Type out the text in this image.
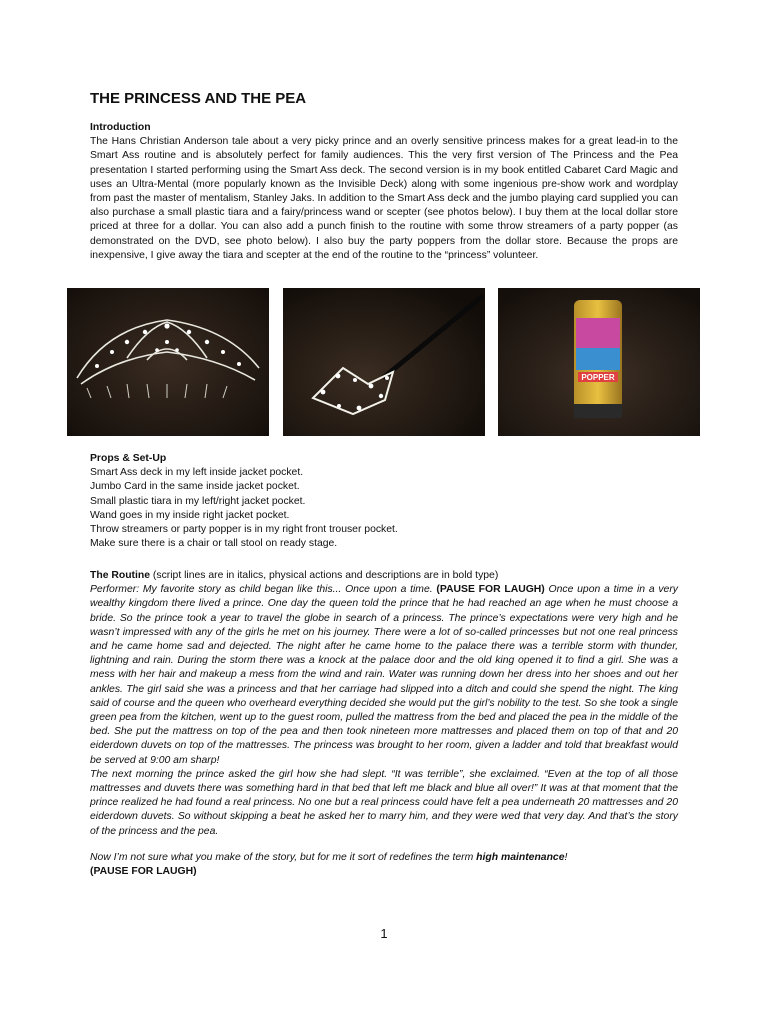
THE PRINCESS AND THE PEA
Introduction
The Hans Christian Anderson tale about a very picky prince and an overly sensitive princess makes for a great lead-in to the Smart Ass routine and is absolutely perfect for family audiences. This the very first version of The Princess and the Pea presentation I started performing using the Smart Ass deck. The second version is in my book entitled Cabaret Card Magic and uses an Ultra-Mental (more popularly known as the Invisible Deck) along with some ingenious pre-show work and wordplay from past the master of mentalism, Stanley Jaks. In addition to the Smart Ass deck and the jumbo playing card supplied you can also purchase a small plastic tiara and a fairy/princess wand or scepter (see photos below). I buy them at the local dollar store priced at three for a dollar. You can also add a punch finish to the routine with some throw streamers of a party popper (as demonstrated on the DVD, see photo below). I also buy the party poppers from the dollar store. Because the props are inexpensive, I give away the tiara and scepter at the end of the routine to the “princess” volunteer.
POPPER
Props & Set-Up
Smart Ass deck in my left inside jacket pocket.
Jumbo Card in the same inside jacket pocket.
Small plastic tiara in my left/right jacket pocket.
Wand goes in my inside right jacket pocket.
Throw streamers or party popper is in my right front trouser pocket.
Make sure there is a chair or tall stool on ready stage.
The Routine (script lines are in italics, physical actions and descriptions are in bold type)
Performer: My favorite story as child began like this... Once upon a time. (PAUSE FOR LAUGH) Once upon a time in a very wealthy kingdom there lived a prince. One day the queen told the prince that he had reached an age when he must choose a bride. So the prince took a year to travel the globe in search of a princess. The prince’s expectations were very high and he wasn’t impressed with any of the girls he met on his journey. There were a lot of so-called princesses but not one real princess and he came home sad and dejected. The night after he came home to the palace there was a terrible storm with thunder, lightning and rain. During the storm there was a knock at the palace door and the old king opened it to find a girl. She was a mess with her hair and makeup a mess from the wind and rain. Water was running down her dress into her shoes and out her ankles. The girl said she was a princess and that her carriage had slipped into a ditch and could she spend the night. The king said of course and the queen who overheard everything decided she would put the girl’s nobility to the test. So she took a single green pea from the kitchen, went up to the guest room, pulled the mattress from the bed and placed the pea in the middle of the bed. She put the mattress on top of the pea and then took nineteen more mattresses and placed them on top of that and 20 eiderdown duvets on top of the mattresses. The princess was brought to her room, given a ladder and told that breakfast would be served at 9:00 am sharp!
The next morning the prince asked the girl how she had slept. “It was terrible”, she exclaimed. “Even at the top of all those mattresses and duvets there was something hard in that bed that left me black and blue all over!” It was at that moment that the prince realized he had found a real princess. No one but a real princess could have felt a pea underneath 20 mattresses and 20 eiderdown duvets. So without skipping a beat he asked her to marry him, and they were wed that very day. And that’s the story of the princess and the pea.
Now I’m not sure what you make of the story, but for me it sort of redefines the term high maintenance!
(PAUSE FOR LAUGH)
1
